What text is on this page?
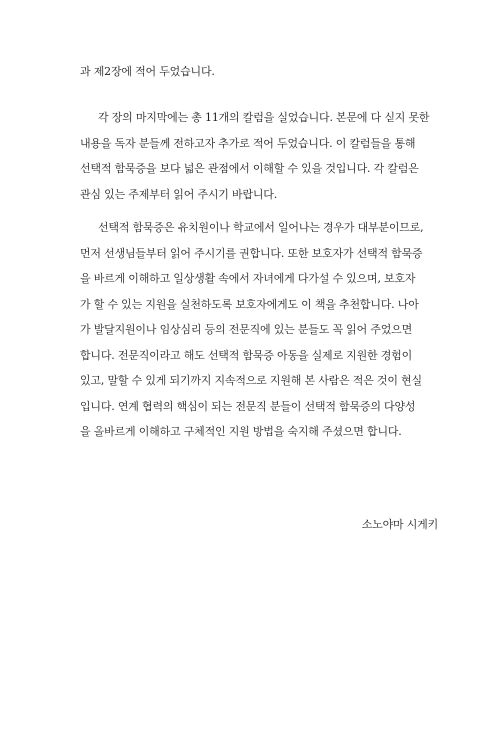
과 제2장에 적어 두었습니다.
각 장의 마지막에는 총 11개의 칼럼을 실었습니다. 본문에 다 싣지 못한
내용을 독자 분들께 전하고자 추가로 적어 두었습니다. 이 칼럼들을 통해
선택적 함묵증을 보다 넓은 관점에서 이해할 수 있을 것입니다. 각 칼럼은
관심 있는 주제부터 읽어 주시기 바랍니다.
선택적 함묵증은 유치원이나 학교에서 일어나는 경우가 대부분이므로,
먼저 선생님들부터 읽어 주시기를 권합니다. 또한 보호자가 선택적 함묵증
을 바르게 이해하고 일상생활 속에서 자녀에게 다가설 수 있으며, 보호자
가 할 수 있는 지원을 실천하도록 보호자에게도 이 책을 추천합니다. 나아
가 발달지원이나 임상심리 등의 전문직에 있는 분들도 꼭 읽어 주었으면
합니다. 전문직이라고 해도 선택적 함묵증 아동을 실제로 지원한 경험이
있고, 말할 수 있게 되기까지 지속적으로 지원해 본 사람은 적은 것이 현실
입니다. 연계 협력의 핵심이 되는 전문직 분들이 선택적 함묵증의 다양성
을 올바르게 이해하고 구체적인 지원 방법을 숙지해 주셨으면 합니다.
소노야마 시게키
